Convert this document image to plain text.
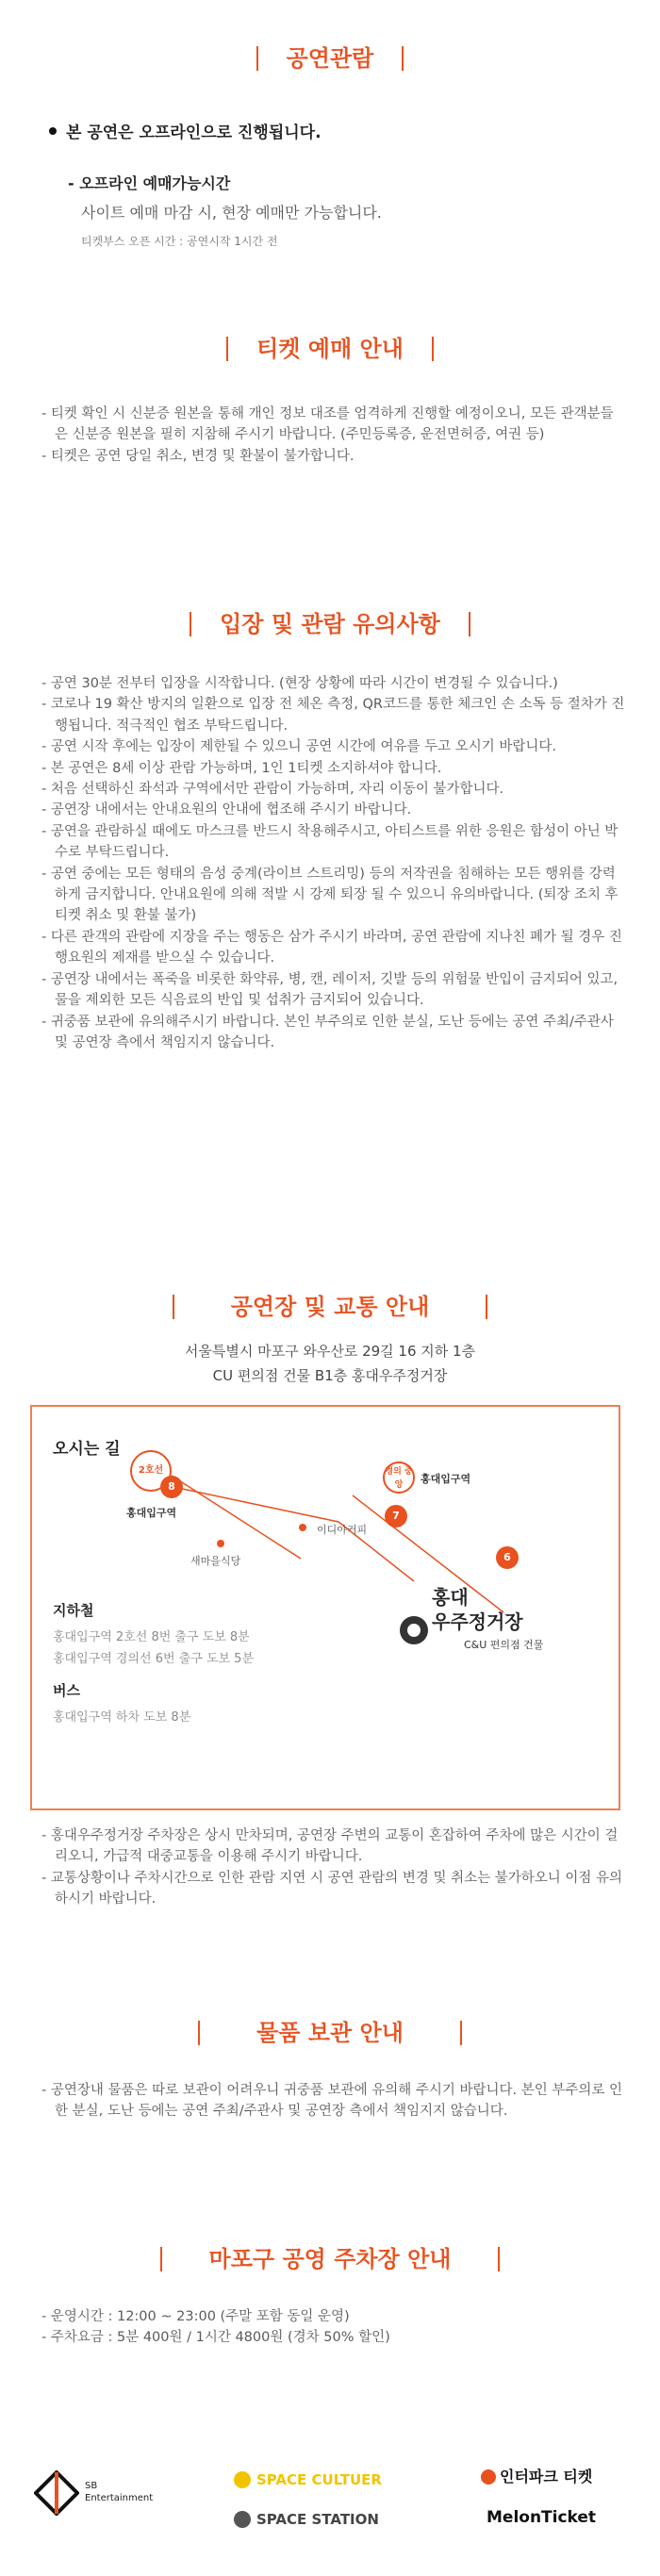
공연관람
본 공연은 오프라인으로 진행됩니다.
- 오프라인 예매가능시간
사이트 예매 마감 시, 현장 예매만 가능합니다.
티켓부스 오픈 시간 : 공연시작 1시간 전
티켓 예매 안내

- 티켓 확인 시 신분증 원본을 통해 개인 정보 대조를 엄격하게 진행할 예정이오니, 모든 관객분들은 신분증 원본을 필히 지참해 주시기 바랍니다. (주민등록증, 운전면허증, 여권 등)

- 티켓은 공연 당일 취소, 변경 및 환불이 불가합니다.

입장 및 관람 유의사항

- 공연 30분 전부터 입장을 시작합니다. (현장 상황에 따라 시간이 변경될 수 있습니다.)

- 코로나 19 확산 방지의 일환으로 입장 전 체온 측정, QR코드를 통한 체크인 손 소독 등 절차가 진행됩니다. 적극적인 협조 부탁드립니다.

- 공연 시작 후에는 입장이 제한될 수 있으니 공연 시간에 여유를 두고 오시기 바랍니다.

- 본 공연은 8세 이상 관람 가능하며, 1인 1티켓 소지하셔야 합니다.

- 처음 선택하신 좌석과 구역에서만 관람이 가능하며, 자리 이동이 불가합니다.

- 공연장 내에서는 안내요원의 안내에 협조해 주시기 바랍니다.

- 공연을 관람하실 때에도 마스크를 반드시 착용해주시고, 아티스트를 위한 응원은 함성이 아닌 박수로 부탁드립니다.

- 공연 중에는 모든 형태의 음성 중계(라이브 스트리밍) 등의 저작권을 침해하는 모든 행위를 강력하게 금지합니다. 안내요원에 의해 적발 시 강제 퇴장 될 수 있으니 유의바랍니다. (퇴장 조치 후 티켓 취소 및 환불 불가)

- 다른 관객의 관람에 지장을 주는 행동은 삼가 주시기 바라며, 공연 관람에 지나친 폐가 될 경우 진행요원의 제재를 받으실 수 있습니다.

- 공연장 내에서는 폭죽을 비롯한 화약류, 병, 캔, 레이저, 깃발 등의 위험물 반입이 금지되어 있고, 물을 제외한 모든 식음료의 반입 및 섭취가 금지되어 있습니다.

- 귀중품 보관에 유의해주시기 바랍니다. 본인 부주의로 인한 분실, 도난 등에는 공연 주최/주관사 및 공연장 측에서 책임지지 않습니다.

공연장 및 교통 안내
서울특별시 마포구 와우산로 29길 16 지하 1층
CU 편의점 건물 B1층 홍대우주정거장
오시는 길
2호선
8
홍대입구역
새마을식당
이디야커피
경의 중앙	홍대입구역
7
6
홍대
우주정거장
C&U 편의점 건물
지하철
홍대입구역 2호선 8번 출구 도보 8분
홍대입구역 경의선 6번 출구 도보 5분
버스
홍대입구역 하차 도보 8분

- 홍대우주정거장 주차장은 상시 만차되며, 공연장 주변의 교통이 혼잡하여 주차에 많은 시간이 걸리오니, 가급적 대중교통을 이용해 주시기 바랍니다.

- 교통상황이나 주차시간으로 인한 관람 지연 시 공연 관람의 변경 및 취소는 불가하오니 이점 유의하시기 바랍니다.

물품 보관 안내

- 공연장내 물품은 따로 보관이 어려우니 귀중품 보관에 유의해 주시기 바랍니다. 본인 부주의로 인한 분실, 도난 등에는 공연 주최/주관사 및 공연장 측에서 책임지지 않습니다.

마포구 공영 주차장 안내

- 운영시간 : 12:00 ~ 23:00 (주말 포함 동일 운영)

- 주차요금 : 5분 400원 / 1시간 4800원 (경차 50% 할인)

SB
Entertainment
SPACE CULTUER
SPACE STATION
인터파크 티켓
MelonTicket
